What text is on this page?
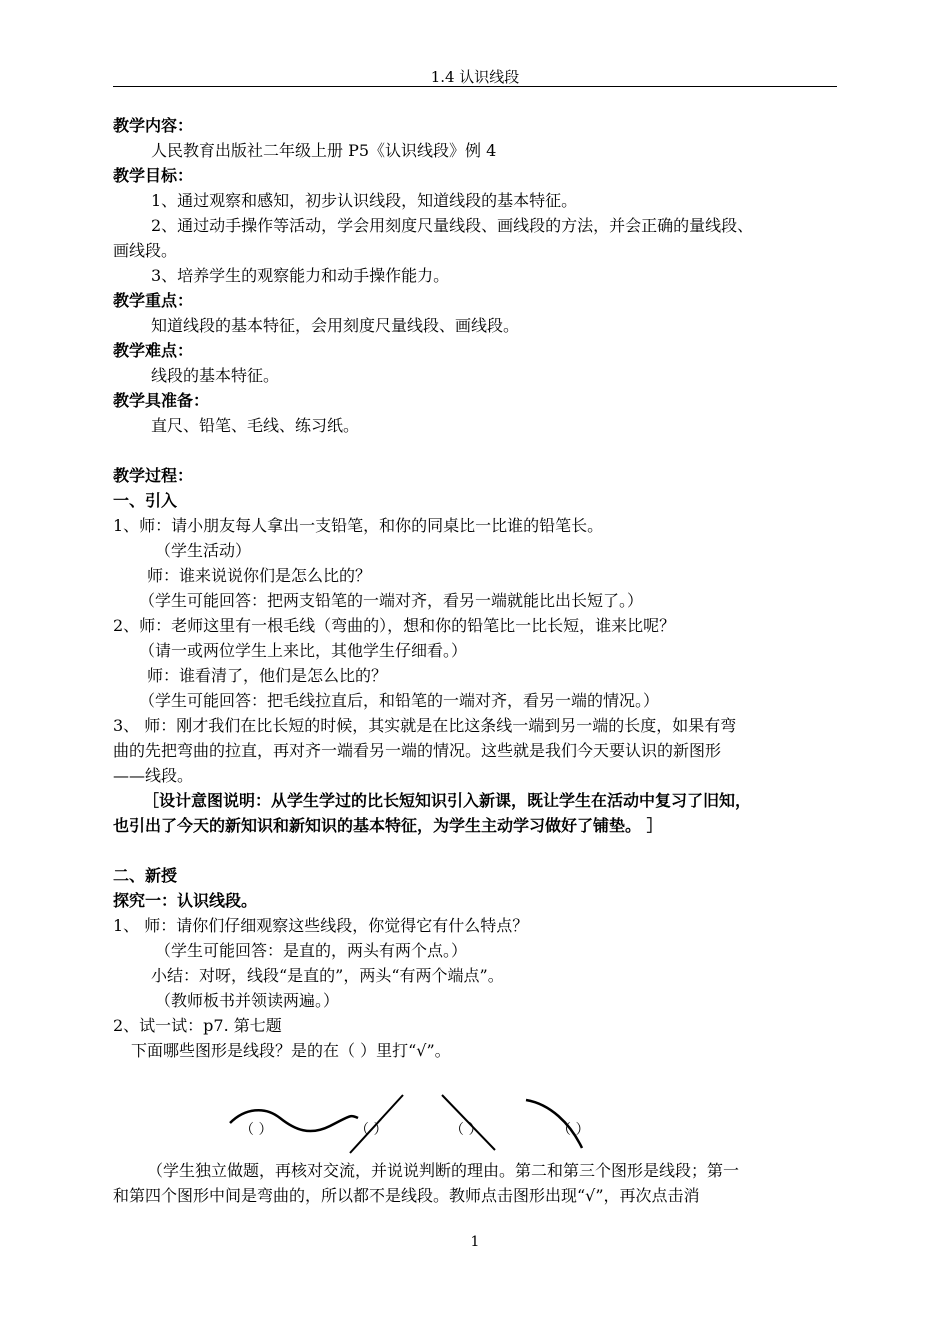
1.4 认识线段
教学内容：
人民教育出版社二年级上册 P5《认识线段》例 4
教学目标：
1、通过观察和感知，初步认识线段，知道线段的基本特征。
2、通过动手操作等活动，学会用刻度尺量线段、画线段的方法，并会正确的量线段、
画线段。
3、培养学生的观察能力和动手操作能力。
教学重点：
知道线段的基本特征，会用刻度尺量线段、画线段。
教学难点：
线段的基本特征。
教学具准备：
直尺、铅笔、毛线、练习纸。
教学过程：
一、引入
1、师：请小朋友每人拿出一支铅笔，和你的同桌比一比谁的铅笔长。
（学生活动）
师：谁来说说你们是怎么比的？
（学生可能回答：把两支铅笔的一端对齐，看另一端就能比出长短了。）
2、师：老师这里有一根毛线（弯曲的），想和你的铅笔比一比长短，谁来比呢？
（请一或两位学生上来比，其他学生仔细看。）
师：谁看清了，他们是怎么比的？
（学生可能回答：把毛线拉直后，和铅笔的一端对齐，看另一端的情况。）
3、 师：刚才我们在比长短的时候，其实就是在比这条线一端到另一端的长度，如果有弯
曲的先把弯曲的拉直，再对齐一端看另一端的情况。这些就是我们今天要认识的新图形
——线段。
［设计意图说明：从学生学过的比长短知识引入新课，既让学生在活动中复习了旧知，
也引出了今天的新知识和新知识的基本特征，为学生主动学习做好了铺垫。 ］
二、新授
探究一：认识线段。
1、 师：请你们仔细观察这些线段，你觉得它有什么特点？
（学生可能回答：是直的，两头有两个点。）
小结：对呀，线段“是直的”，两头“有两个端点”。
（教师板书并领读两遍。）
2、试一试：p7. 第七题
下面哪些图形是线段？是的在（ ）里打“√”。
（学生独立做题，再核对交流，并说说判断的理由。第二和第三个图形是线段；第一
和第四个图形中间是弯曲的，所以都不是线段。教师点击图形出现“√”，再次点击消
（ ）	（ ）	（ ）	（ ）
1
